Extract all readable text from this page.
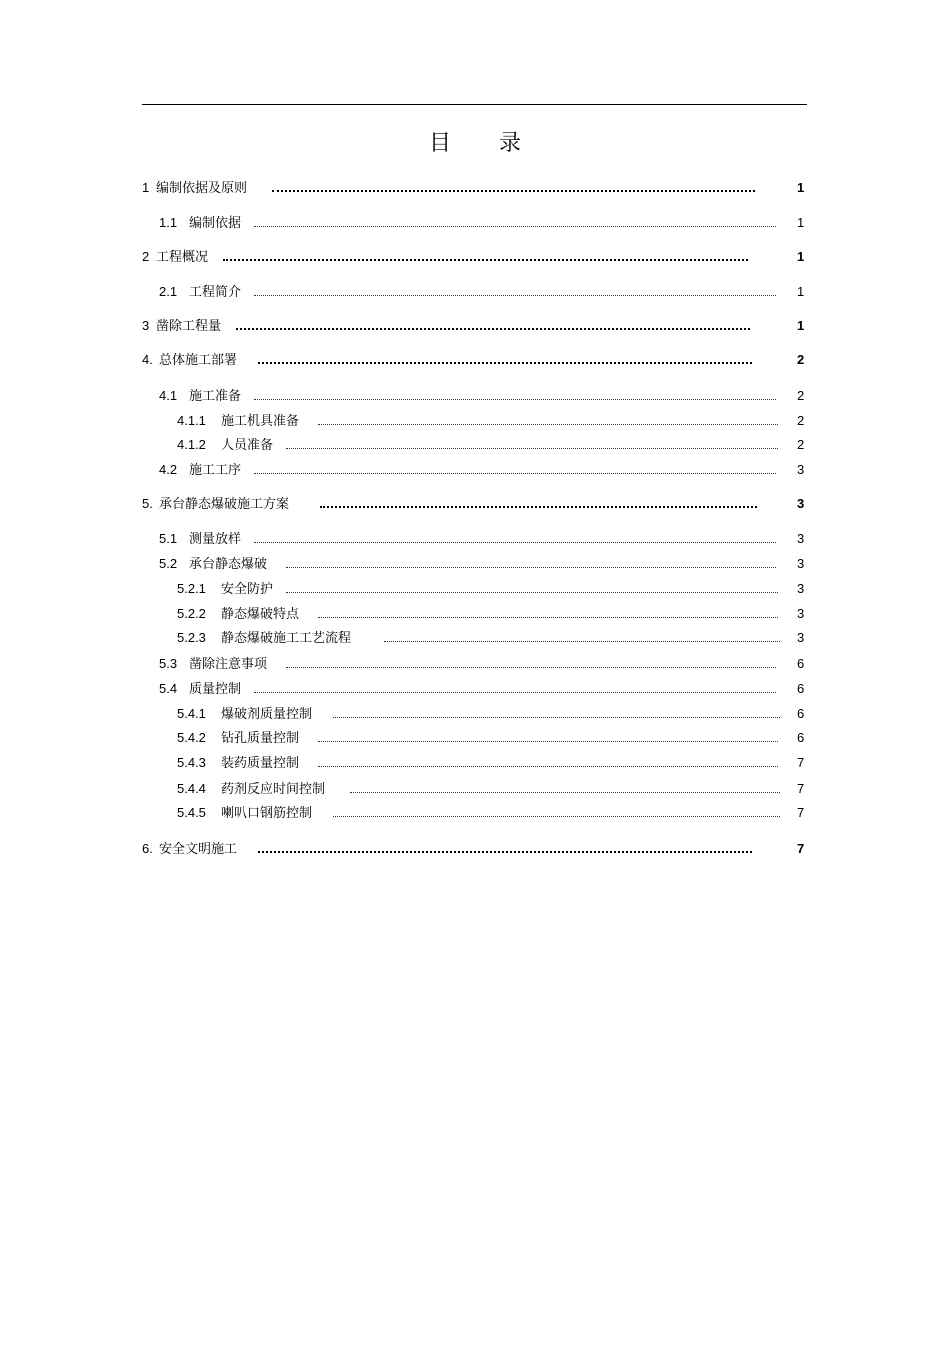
目 录
1 编制依据及原则	1
1.1 编制依据	1
2 工程概况	1
2.1 工程简介	1
3 凿除工程量	1
4. 总体施工部署	2
4.1 施工准备	2
4.1.1 施工机具准备	2
4.1.2 人员准备	2
4.2 施工工序	3
5. 承台静态爆破施工方案	3
5.1 测量放样	3
5.2 承台静态爆破	3
5.2.1 安全防护	3
5.2.2 静态爆破特点	3
5.2.3 静态爆破施工工艺流程	3
5.3 凿除注意事项	6
5.4 质量控制	6
5.4.1 爆破剂质量控制	6
5.4.2 钻孔质量控制	6
5.4.3 装药质量控制	7
5.4.4 药剂反应时间控制	7
5.4.5 喇叭口钢筋控制	7
6. 安全文明施工	7
